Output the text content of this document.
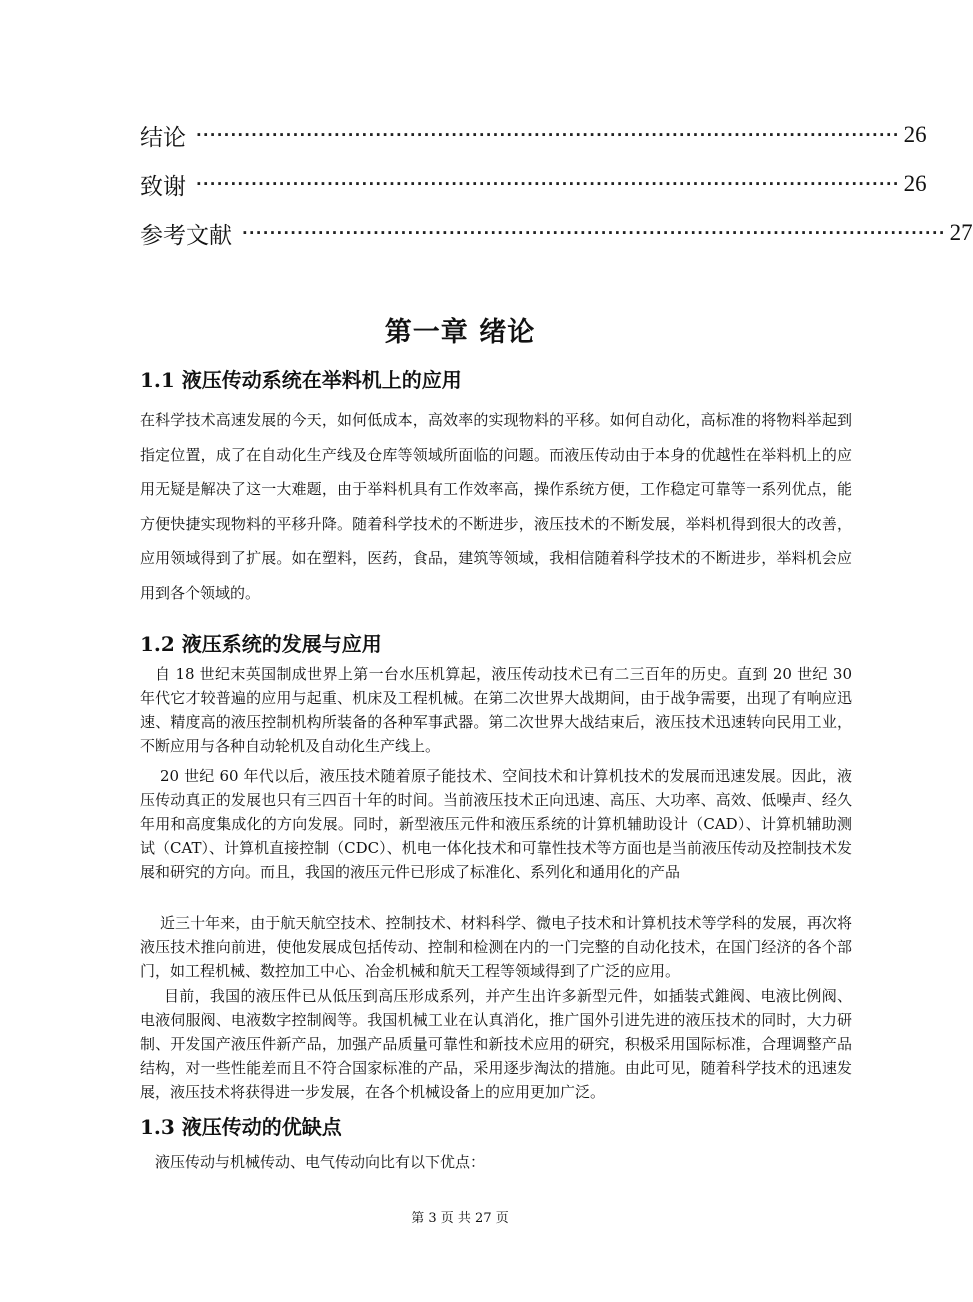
结论 ······································································································ 26
致谢 ······································································································ 26
参考文献 ······································································································ 27
第一章 绪论
1.1 液压传动系统在举料机上的应用

在科学技术高速发展的今天，如何低成本，高效率的实现物料的平移。如何自动化，高标准的将物料举起到指定位置，成了在自动化生产线及仓库等领域所面临的问题。而液压传动由于本身的优越性在举料机上的应用无疑是解决了这一大难题，由于举料机具有工作效率高，操作系统方便，工作稳定可靠等一系列优点，能方便快捷实现物料的平移升降。随着科学技术的不断进步，液压技术的不断发展，举料机得到很大的改善，应用领域得到了扩展。如在塑料，医药，食品，建筑等领域，我相信随着科学技术的不断进步，举料机会应用到各个领域的。

1.2 液压系统的发展与应用

自 18 世纪末英国制成世界上第一台水压机算起，液压传动技术已有二三百年的历史。直到 20 世纪 30 年代它才较普遍的应用与起重、机床及工程机械。在第二次世界大战期间，由于战争需要，出现了有响应迅速、精度高的液压控制机构所装备的各种军事武器。第二次世界大战结束后，液压技术迅速转向民用工业，不断应用与各种自动轮机及自动化生产线上。

20 世纪 60 年代以后，液压技术随着原子能技术、空间技术和计算机技术的发展而迅速发展。因此，液压传动真正的发展也只有三四百十年的时间。当前液压技术正向迅速、高压、大功率、高效、低噪声、经久年用和高度集成化的方向发展。同时，新型液压元件和液压系统的计算机辅助设计（CAD）、计算机辅助测试（CAT）、计算机直接控制（CDC）、机电一体化技术和可靠性技术等方面也是当前液压传动及控制技术发展和研究的方向。而且，我国的液压元件已形成了标准化、系列化和通用化的产品

近三十年来，由于航天航空技术、控制技术、材料科学、微电子技术和计算机技术等学科的发展，再次将液压技术推向前进，使他发展成包括传动、控制和检测在内的一门完整的自动化技术，在国门经济的各个部门，如工程机械、数控加工中心、冶金机械和航天工程等领域得到了广泛的应用。

目前，我国的液压件已从低压到高压形成系列，并产生出许多新型元件，如插装式錐阀、电液比例阀、电液伺服阀、电液数字控制阀等。我国机械工业在认真消化，推广国外引进先进的液压技术的同时，大力研制、开发国产液压件新产品，加强产品质量可靠性和新技术应用的研究，积极采用国际标准，合理调整产品结构，对一些性能差而且不符合国家标准的产品，采用逐步淘汰的措施。由此可见，随着科学技术的迅速发展，液压技术将获得进一步发展，在各个机械设备上的应用更加广泛。

1.3 液压传动的优缺点

液压传动与机械传动、电气传动向比有以下优点：

第 3 页 共 27 页
